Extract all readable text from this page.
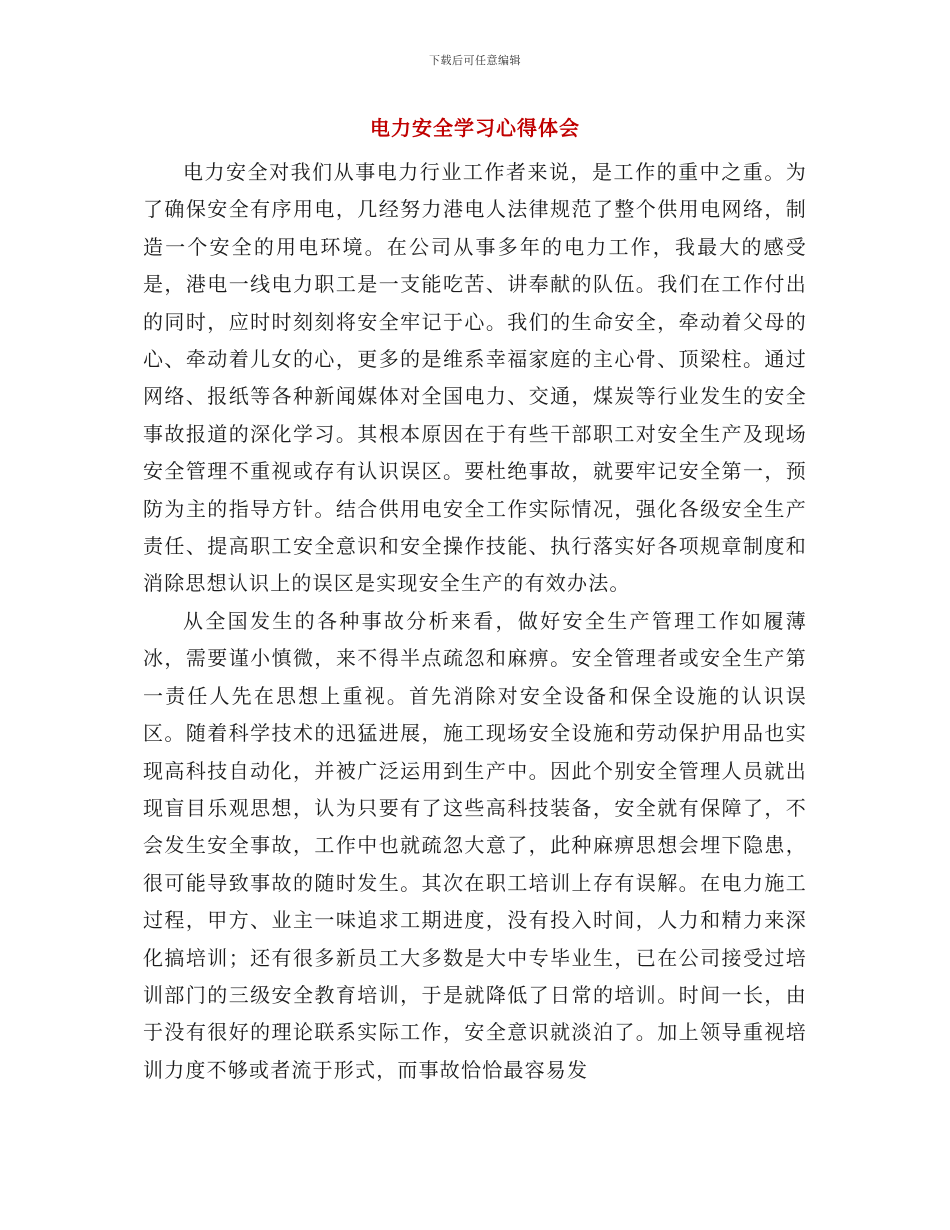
下载后可任意编辑
电力安全学习心得体会

电力安全对我们从事电力行业工作者来说，是工作的重中之重。为了确保安全有序用电，几经努力港电人法律规范了整个供用电网络，制造一个安全的用电环境。在公司从事多年的电力工作，我最大的感受是，港电一线电力职工是一支能吃苦、讲奉献的队伍。我们在工作付出的同时，应时时刻刻将安全牢记于心。我们的生命安全，牵动着父母的心、牵动着儿女的心，更多的是维系幸福家庭的主心骨、顶梁柱。通过网络、报纸等各种新闻媒体对全国电力、交通，煤炭等行业发生的安全事故报道的深化学习。其根本原因在于有些干部职工对安全生产及现场安全管理不重视或存有认识误区。要杜绝事故，就要牢记安全第一，预防为主的指导方针。结合供用电安全工作实际情况，强化各级安全生产责任、提高职工安全意识和安全操作技能、执行落实好各项规章制度和消除思想认识上的误区是实现安全生产的有效办法。

从全国发生的各种事故分析来看，做好安全生产管理工作如履薄冰，需要谨小慎微，来不得半点疏忽和麻痹。安全管理者或安全生产第一责任人先在思想上重视。首先消除对安全设备和保全设施的认识误区。随着科学技术的迅猛进展，施工现场安全设施和劳动保护用品也实现高科技自动化，并被广泛运用到生产中。因此个别安全管理人员就出现盲目乐观思想，认为只要有了这些高科技装备，安全就有保障了，不会发生安全事故，工作中也就疏忽大意了，此种麻痹思想会埋下隐患，很可能导致事故的随时发生。其次在职工培训上存有误解。在电力施工过程，甲方、业主一味追求工期进度，没有投入时间，人力和精力来深化搞培训；还有很多新员工大多数是大中专毕业生，已在公司接受过培训部门的三级安全教育培训，于是就降低了日常的培训。时间一长，由于没有很好的理论联系实际工作，安全意识就淡泊了。加上领导重视培训力度不够或者流于形式，而事故恰恰最容易发
